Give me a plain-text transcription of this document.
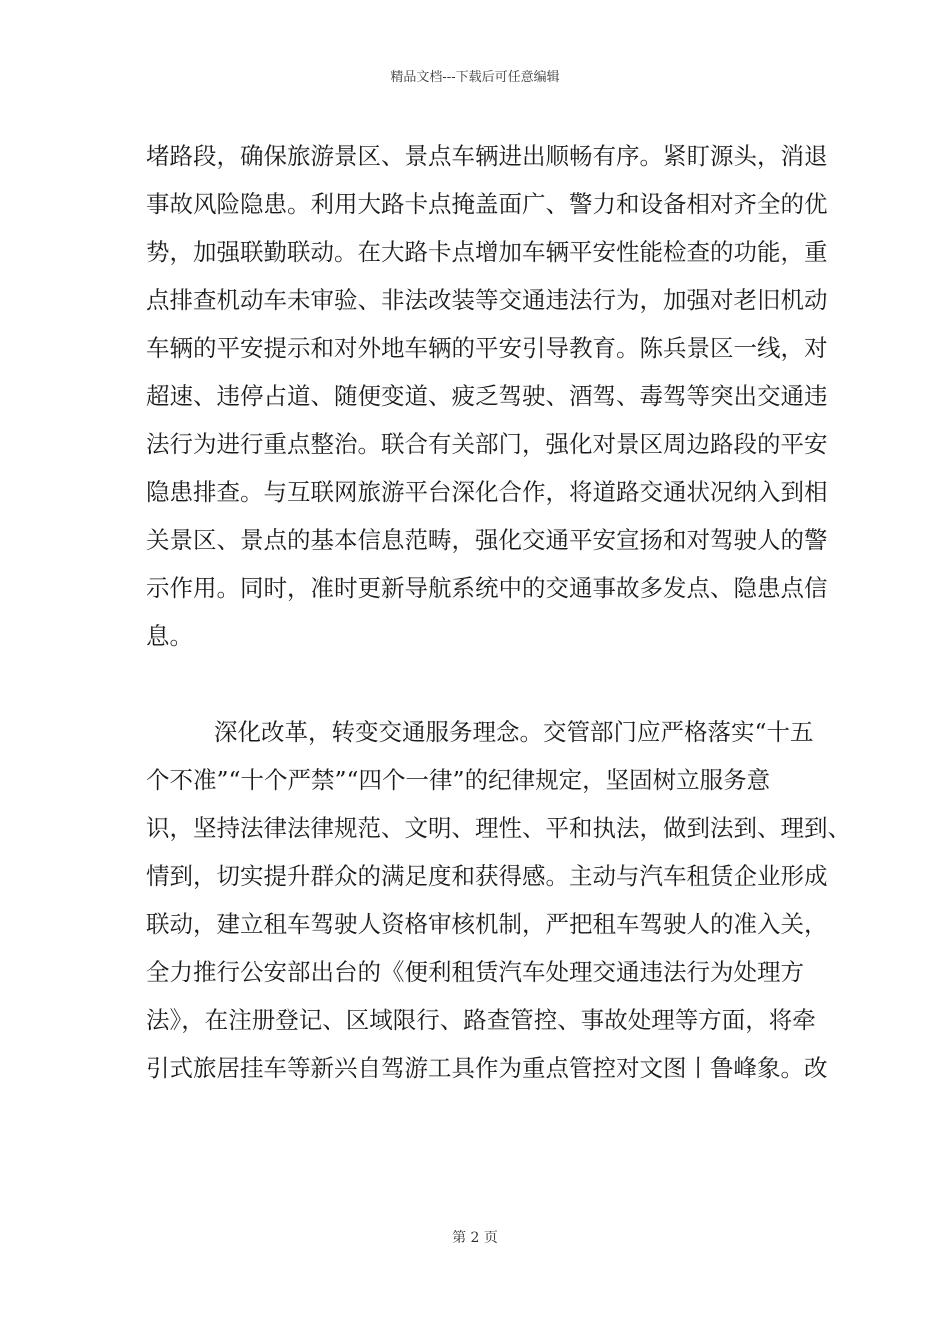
精品文档---下载后可任意编辑
堵路段，确保旅游景区、景点车辆进出顺畅有序。紧盯源头，消退
事故风险隐患。利用大路卡点掩盖面广、警力和设备相对齐全的优
势，加强联勤联动。在大路卡点增加车辆平安性能检查的功能，重
点排查机动车未审验、非法改装等交通违法行为，加强对老旧机动
车辆的平安提示和对外地车辆的平安引导教育。陈兵景区一线，对
超速、违停占道、随便变道、疲乏驾驶、酒驾、毒驾等突出交通违
法行为进行重点整治。联合有关部门，强化对景区周边路段的平安
隐患排查。与互联网旅游平台深化合作，将道路交通状况纳入到相
关景区、景点的基本信息范畴，强化交通平安宣扬和对驾驶人的警
示作用。同时，准时更新导航系统中的交通事故多发点、隐患点信
息。
深化改革，转变交通服务理念。交管部门应严格落实“十五
个不准”“十个严禁”“四个一律”的纪律规定，坚固树立服务意
识，坚持法律法律规范、文明、理性、平和执法，做到法到、理到、
情到，切实提升群众的满足度和获得感。主动与汽车租赁企业形成
联动，建立租车驾驶人资格审核机制，严把租车驾驶人的准入关，
全力推行公安部出台的《便利租赁汽车处理交通违法行为处理方
法》，在注册登记、区域限行、路查管控、事故处理等方面，将牵
引式旅居挂车等新兴自驾游工具作为重点管控对文图丨鲁峰象。改
第 2 页
